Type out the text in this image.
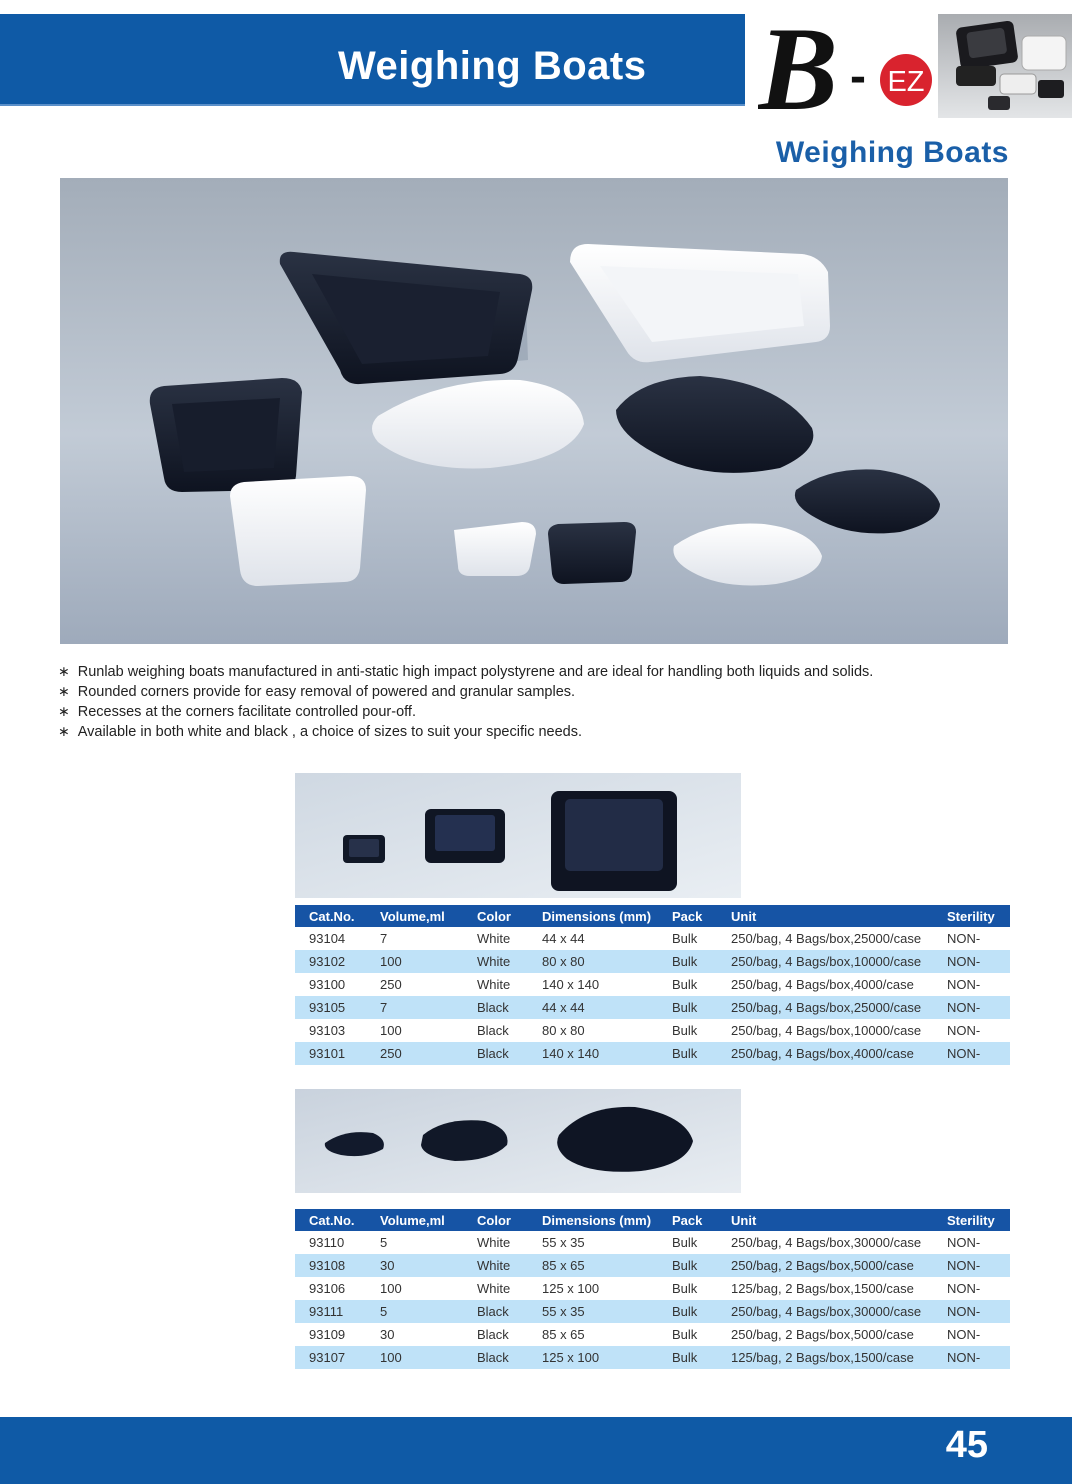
Weighing Boats B - EZ
Weighing Boats
∗ Runlab weighing boats manufactured in anti-static high impact polystyrene and are ideal for handling both liquids and solids.
∗ Rounded corners provide for easy removal of powered and granular samples.
∗ Recesses at the corners facilitate controlled pour-off.
∗ Available in both white and black , a choice of sizes to suit your specific needs.
Cat.No.	Volume,ml	Color	Dimensions (mm)	Pack	Unit	Sterility
93104	7	White	44 x 44	Bulk	250/bag, 4 Bags/box,25000/case	NON-
93102	100	White	80 x 80	Bulk	250/bag, 4 Bags/box,10000/case	NON-
93100	250	White	140 x 140	Bulk	250/bag, 4 Bags/box,4000/case	NON-
93105	7	Black	44 x 44	Bulk	250/bag, 4 Bags/box,25000/case	NON-
93103	100	Black	80 x 80	Bulk	250/bag, 4 Bags/box,10000/case	NON-
93101	250	Black	140 x 140	Bulk	250/bag, 4 Bags/box,4000/case	NON-
Cat.No.	Volume,ml	Color	Dimensions (mm)	Pack	Unit	Sterility
93110	5	White	55 x 35	Bulk	250/bag, 4 Bags/box,30000/case	NON-
93108	30	White	85 x 65	Bulk	250/bag, 2 Bags/box,5000/case	NON-
93106	100	White	125 x 100	Bulk	125/bag, 2 Bags/box,1500/case	NON-
93111	5	Black	55 x 35	Bulk	250/bag, 4 Bags/box,30000/case	NON-
93109	30	Black	85 x 65	Bulk	250/bag, 2 Bags/box,5000/case	NON-
93107	100	Black	125 x 100	Bulk	125/bag, 2 Bags/box,1500/case	NON-
45
